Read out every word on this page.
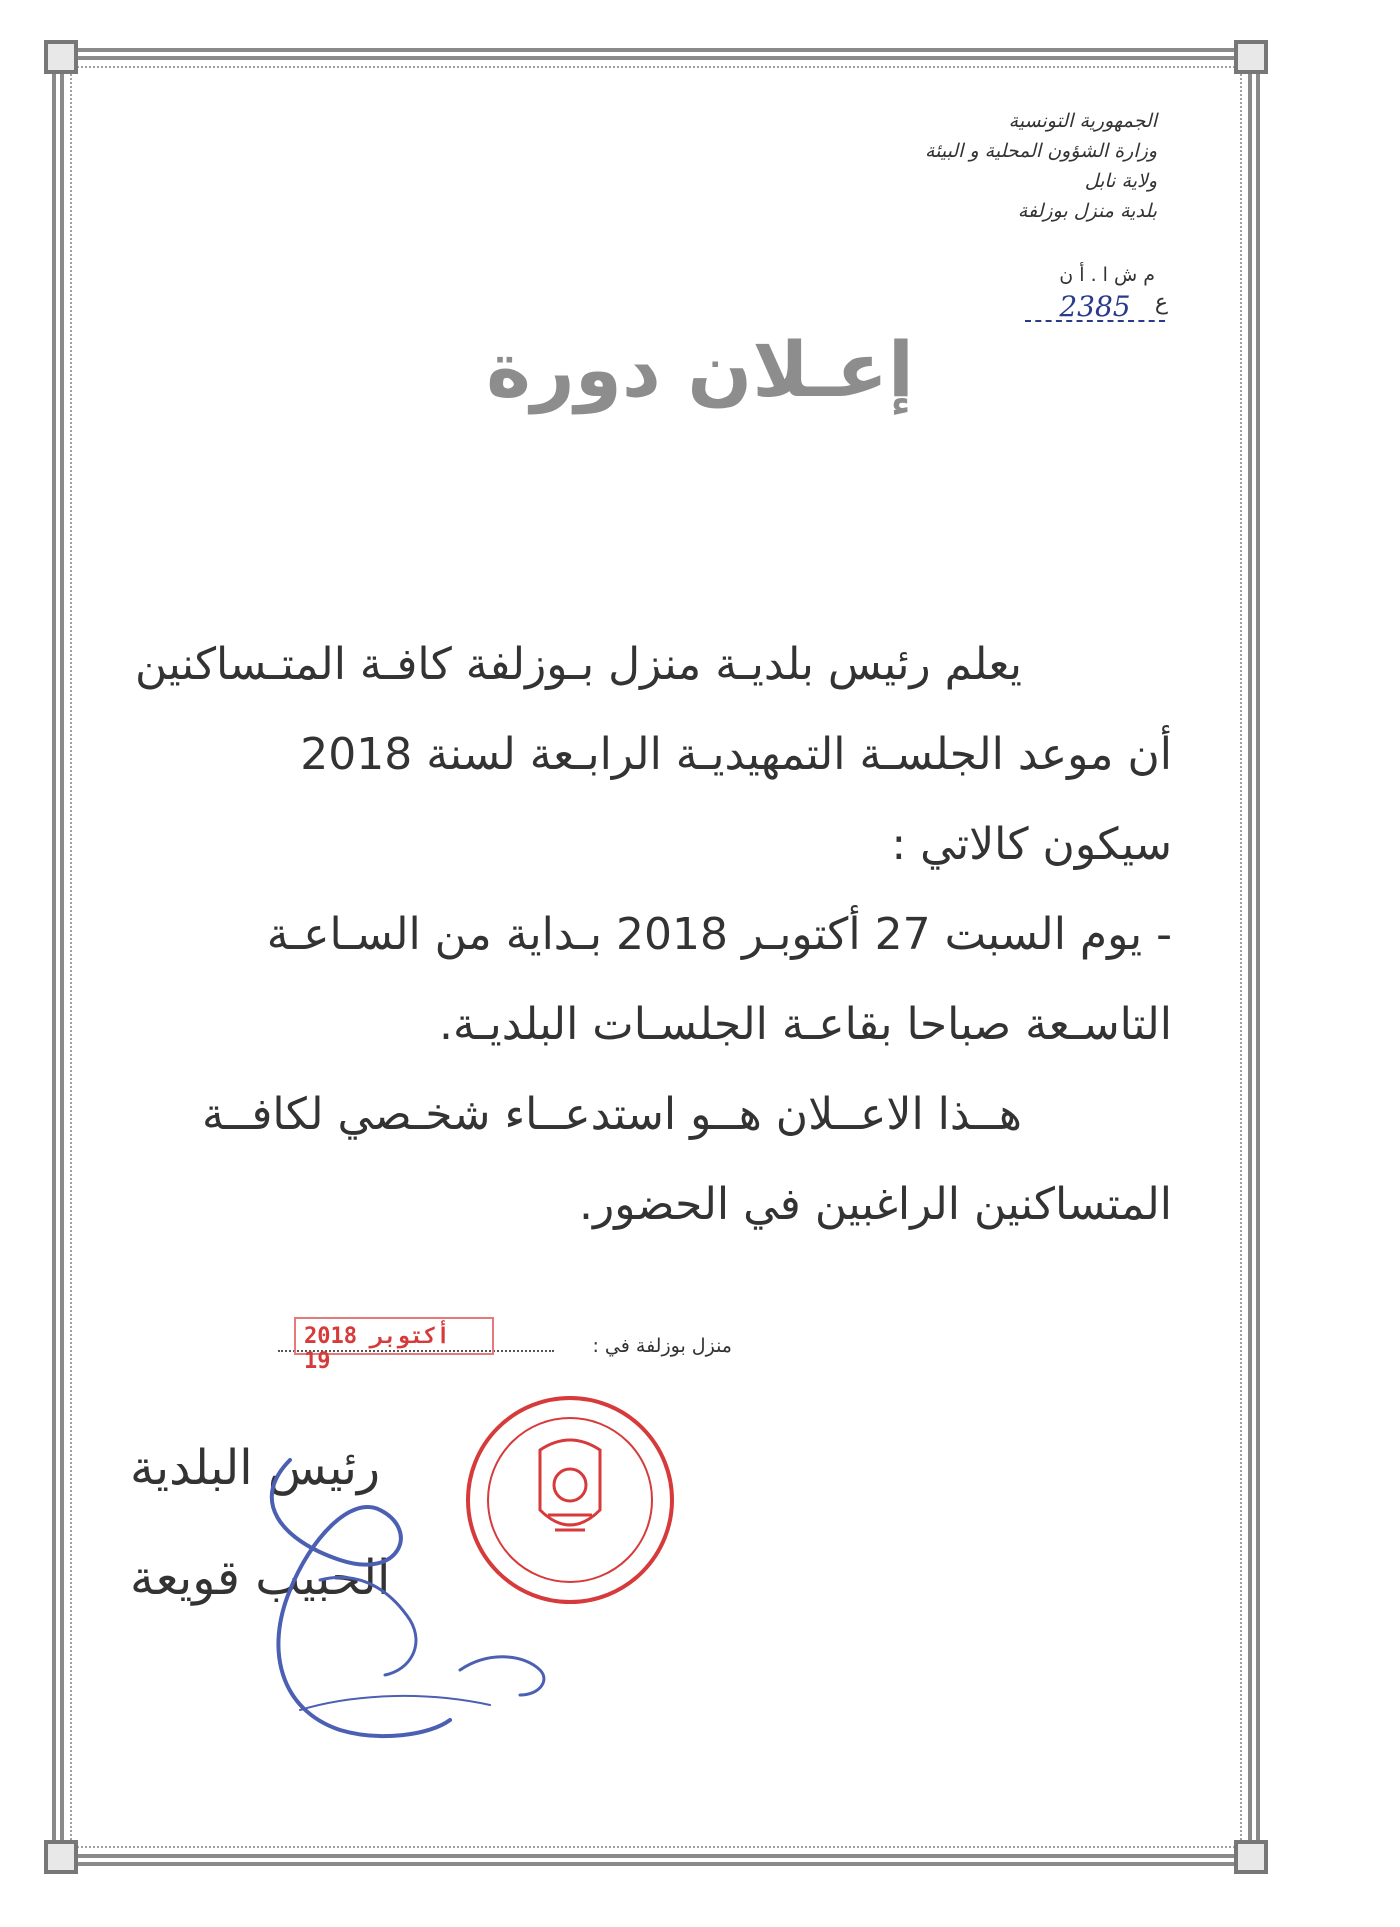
الجمهورية التونسية
وزارة الشؤون المحلية و البيئة
ولاية نابل
بلدية منزل بوزلفة
م ش ا . أ ن
ع
2385
إعـلان دورة

يعلم رئيس بلديـة منزل بـوزلفة كافـة المتـساكنين

أن موعد الجلسـة التمهيديـة الرابـعة لسنة 2018

سيكون كالاتي :

- يوم السبت 27 أكتوبـر 2018 بـداية من السـاعـة

التاسـعة صباحا بقاعـة الجلسـات البلديـة.

هــذا الاعــلان هــو استدعــاء شخـصي لكافــة

المتساكنين الراغبين في الحضور.

منزل بوزلفة في :
2018 أكتوبر 19
رئيس البلدية
الحبيب قويعة
